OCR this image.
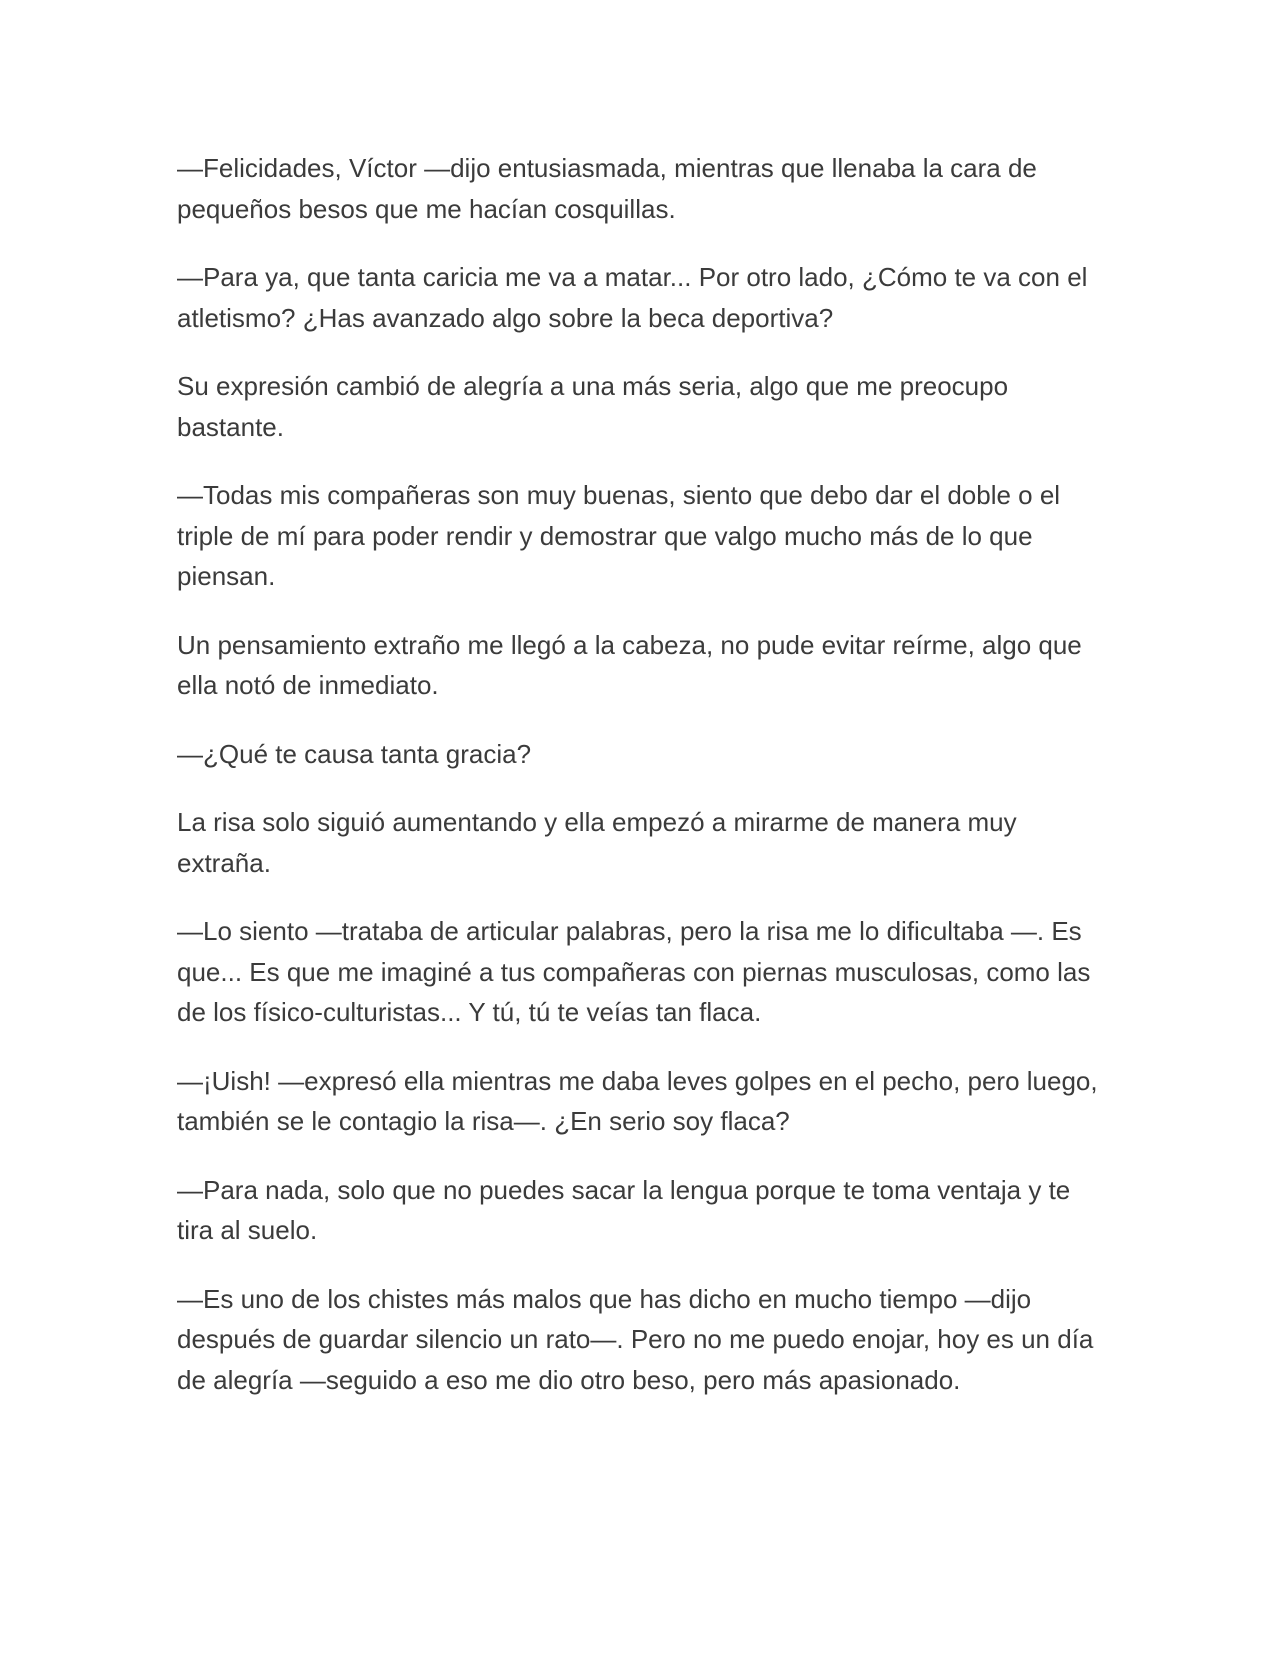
—Felicidades, Víctor —dijo entusiasmada, mientras que llenaba la cara de pequeños besos que me hacían cosquillas.

—Para ya, que tanta caricia me va a matar... Por otro lado, ¿Cómo te va con el atletismo? ¿Has avanzado algo sobre la beca deportiva?

Su expresión cambió de alegría a una más seria, algo que me preocupo bastante.

—Todas mis compañeras son muy buenas, siento que debo dar el doble o el triple de mí para poder rendir y demostrar que valgo mucho más de lo que piensan.

Un pensamiento extraño me llegó a la cabeza, no pude evitar reírme, algo que ella notó de inmediato.

—¿Qué te causa tanta gracia?

La risa solo siguió aumentando y ella empezó a mirarme de manera muy extraña.

—Lo siento —trataba de articular palabras, pero la risa me lo dificultaba —. Es que... Es que me imaginé a tus compañeras con piernas musculosas, como las de los físico-culturistas... Y tú, tú te veías tan flaca.

—¡Uish! —expresó ella mientras me daba leves golpes en el pecho, pero luego, también se le contagio la risa—. ¿En serio soy flaca?

—Para nada, solo que no puedes sacar la lengua porque te toma ventaja y te tira al suelo.

—Es uno de los chistes más malos que has dicho en mucho tiempo —dijo después de guardar silencio un rato—. Pero no me puedo enojar, hoy es un día de alegría —seguido a eso me dio otro beso, pero más apasionado.
